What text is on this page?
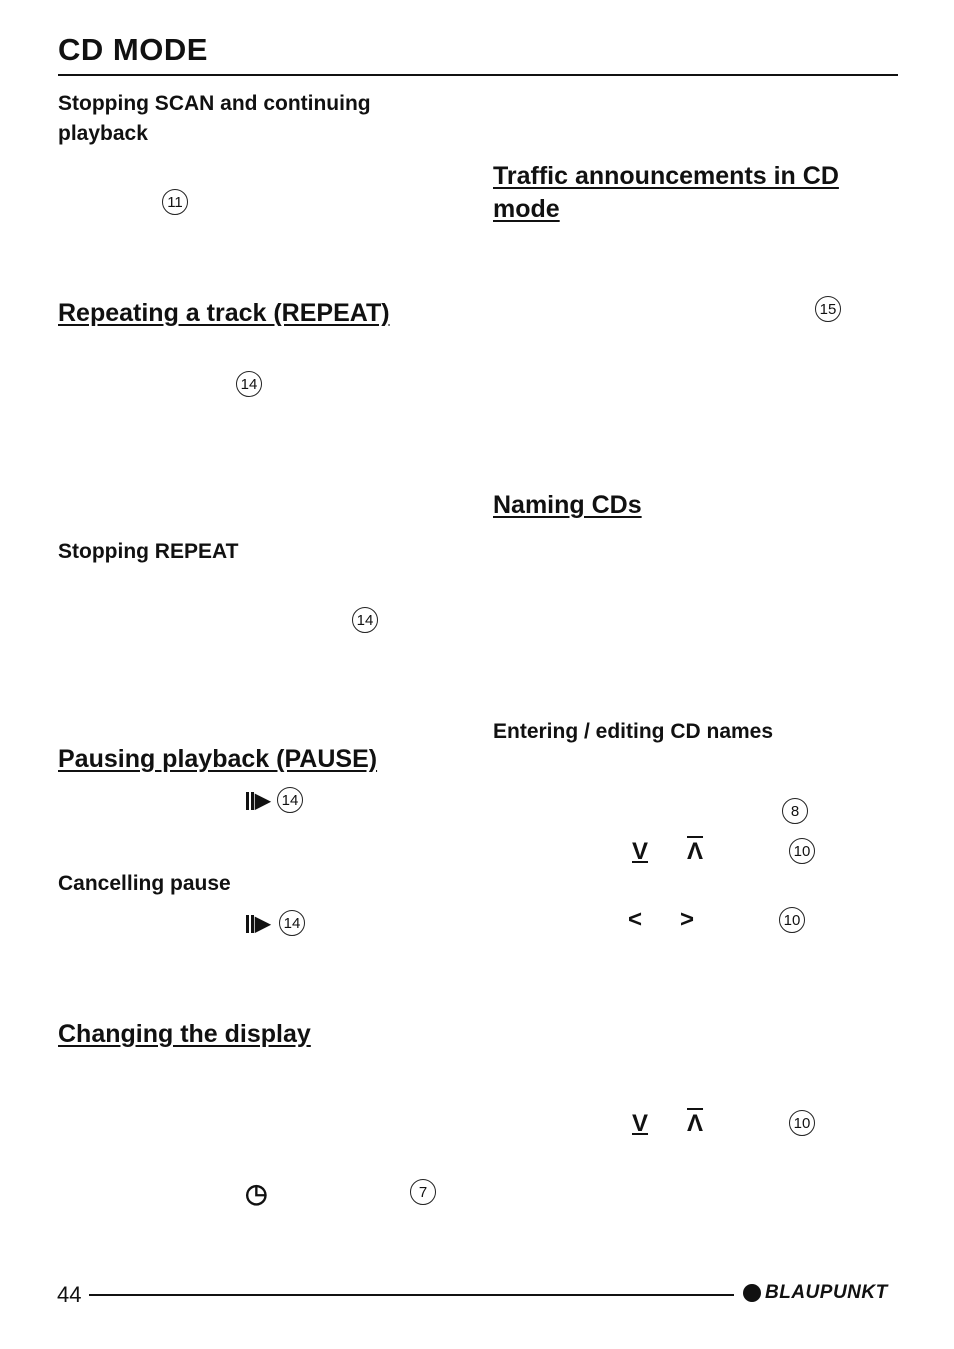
CD MODE
Stopping SCAN and continuing playback
11
Repeating a track (REPEAT)
14
Stopping REPEAT
14
Pausing playback (PAUSE)
▶ 14
Cancelling pause
▶ 14
Changing the display
◷	7
Traffic announcements in CD mode
15
Naming CDs
Entering / editing CD names
8
V $\overline{\Lambda}$	10
< >	10
V $\overline{\Lambda}$	10
44	BLAUPUNKT
